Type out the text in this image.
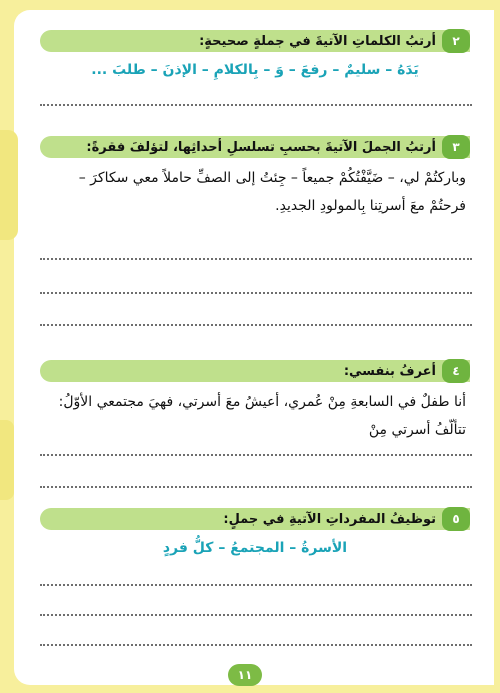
٢
أرتبُ الكلماتِ الآتيةَ في جملةٍ صحيحةٍ:
يَدَهُ – سليمٌ – رفعَ – وَ – بِالكلامِ – الإذنَ – طلبَ ...
٣
أرتبُ الجملَ الآتيةَ بحسبِ تسلسلِ أحداثِها، لتؤلفَ فقرةً:
وباركتُمْ لي، – ضَيَّفْتُكُمْ جميعاً – جِئتُ إلى الصفِّ حاملاً معي سكاكرَ –
فرحتُمْ معَ أسرتِنا بِالمولودِ الجديدِ.
٤
أعرفُ بنفسي:
أنا طفلٌ في السابعةِ مِنْ عُمري، أعيشُ معَ أسرتي، فهيَ مجتمعي الأوّلُ:
تتألّفُ أسرتي مِنْ
٥
توظيفُ المفرداتِ الآتيةِ في جملٍ:
الأسرةُ – المجتمعُ – كلُّ فردٍ
١١
